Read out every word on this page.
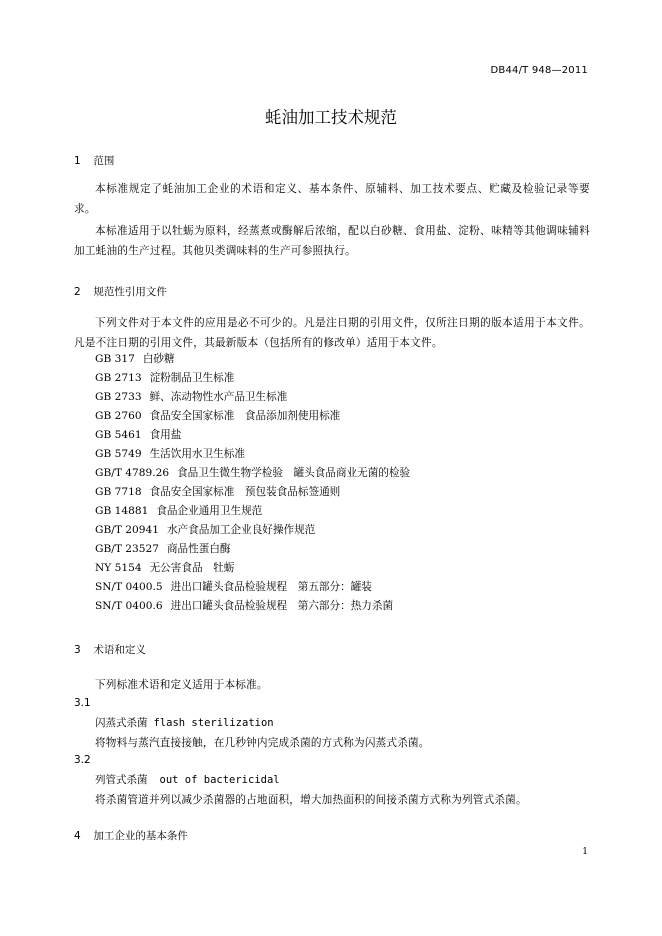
DB44/T 948—2011
蚝油加工技术规范
1 范围
本标准规定了蚝油加工企业的术语和定义、基本条件、原辅料、加工技术要点、贮藏及检验记录等要求。
本标准适用于以牡蛎为原料，经蒸煮或酶解后浓缩，配以白砂糖、食用盐、淀粉、味精等其他调味辅料加工蚝油的生产过程。其他贝类调味料的生产可参照执行。
2 规范性引用文件
下列文件对于本文件的应用是必不可少的。凡是注日期的引用文件，仅所注日期的版本适用于本文件。凡是不注日期的引用文件，其最新版本（包括所有的修改单）适用于本文件。
GB 317 白砂糖
GB 2713 淀粉制品卫生标准
GB 2733 鲜、冻动物性水产品卫生标准
GB 2760 食品安全国家标准　食品添加剂使用标准
GB 5461 食用盐
GB 5749 生活饮用水卫生标准
GB/T 4789.26 食品卫生微生物学检验　罐头食品商业无菌的检验
GB 7718 食品安全国家标准　预包装食品标签通则
GB 14881 食品企业通用卫生规范
GB/T 20941 水产食品加工企业良好操作规范
GB/T 23527 商品性蛋白酶
NY 5154 无公害食品　牡蛎
SN/T 0400.5 进出口罐头食品检验规程　第五部分：罐装
SN/T 0400.6 进出口罐头食品检验规程　第六部分：热力杀菌
3 术语和定义
下列标准术语和定义适用于本标准。
3.1
闪蒸式杀菌 flash sterilization
将物料与蒸汽直接接触，在几秒钟内完成杀菌的方式称为闪蒸式杀菌。
3.2
列管式杀菌 out of bactericidal
将杀菌管道并列以减少杀菌器的占地面积，增大加热面积的间接杀菌方式称为列管式杀菌。
4 加工企业的基本条件
1
